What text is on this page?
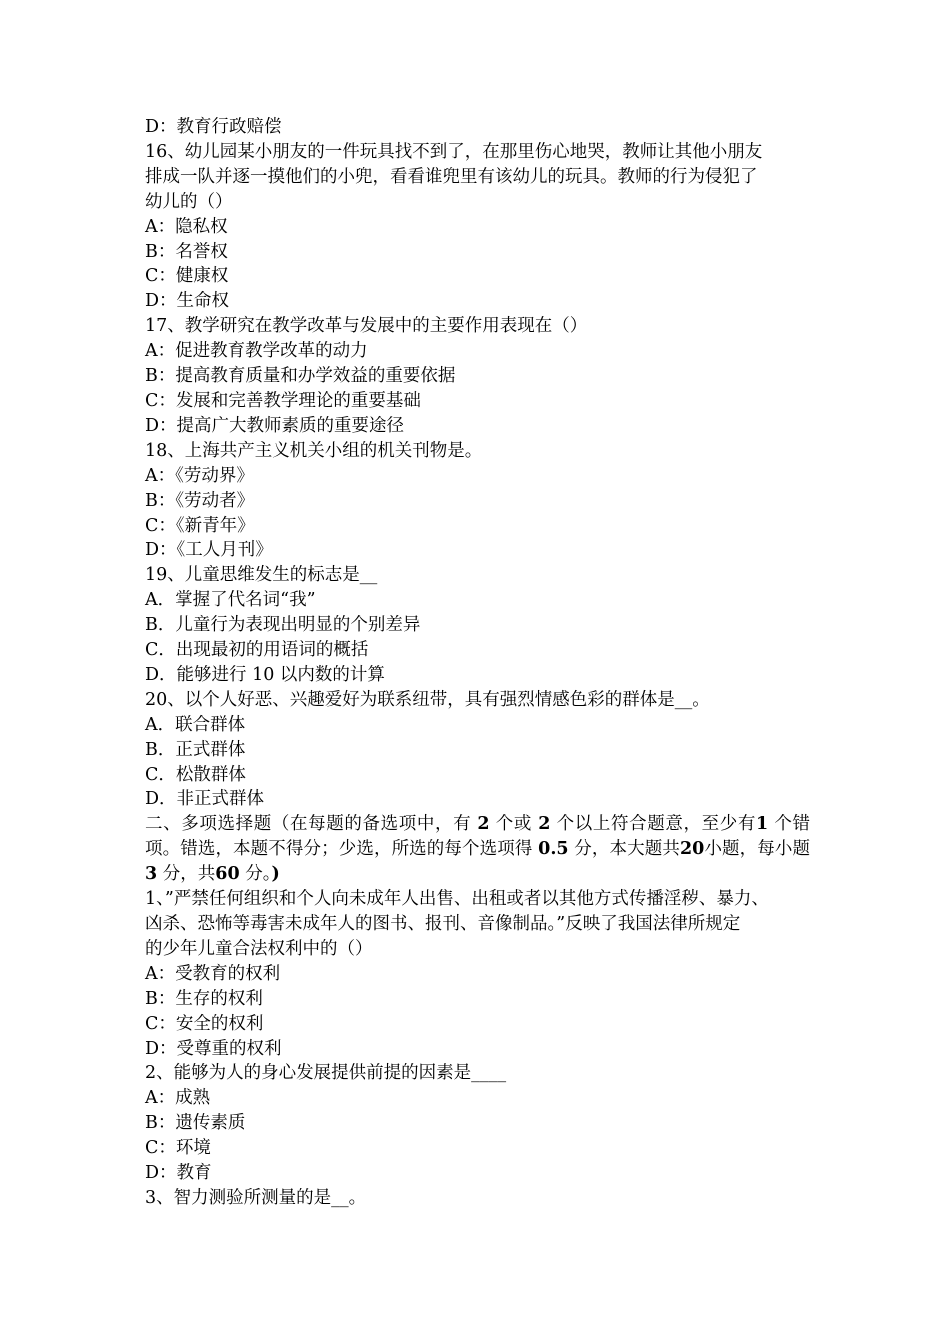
D：教育行政赔偿
16、幼儿园某小朋友的一件玩具找不到了，在那里伤心地哭，教师让其他小朋友
排成一队并逐一摸他们的小兜，看看谁兜里有该幼儿的玩具。教师的行为侵犯了
幼儿的（）
A：隐私权
B：名誉权
C：健康权
D：生命权
17、教学研究在教学改革与发展中的主要作用表现在（）
A：促进教育教学改革的动力
B：提高教育质量和办学效益的重要依据
C：发展和完善教学理论的重要基础
D：提高广大教师素质的重要途径
18、上海共产主义机关小组的机关刊物是。
A：《劳动界》
B：《劳动者》
C：《新青年》
D：《工人月刊》
19、儿童思维发生的标志是__
A．掌握了代名词“我”
B．儿童行为表现出明显的个别差异
C．出现最初的用语词的概括
D．能够进行 10 以内数的计算
20、以个人好恶、兴趣爱好为联系纽带，具有强烈情感色彩的群体是__。
A．联合群体
B．正式群体
C．松散群体
D．非正式群体
二、多项选择题（在每题的备选项中，有 2 个或 2 个以上符合题意，至少有1 个错项。错选，本题不得分；少选，所选的每个选项得 0.5 分，本大题共20小题，每小题3 分，共60 分。)
1、”严禁任何组织和个人向未成年人出售、出租或者以其他方式传播淫秽、暴力、
凶杀、恐怖等毒害未成年人的图书、报刊、音像制品。”反映了我国法律所规定
的少年儿童合法权利中的（）
A：受教育的权利
B：生存的权利
C：安全的权利
D：受尊重的权利
2、能够为人的身心发展提供前提的因素是____
A：成熟
B：遗传素质
C：环境
D：教育
3、智力测验所测量的是__。
